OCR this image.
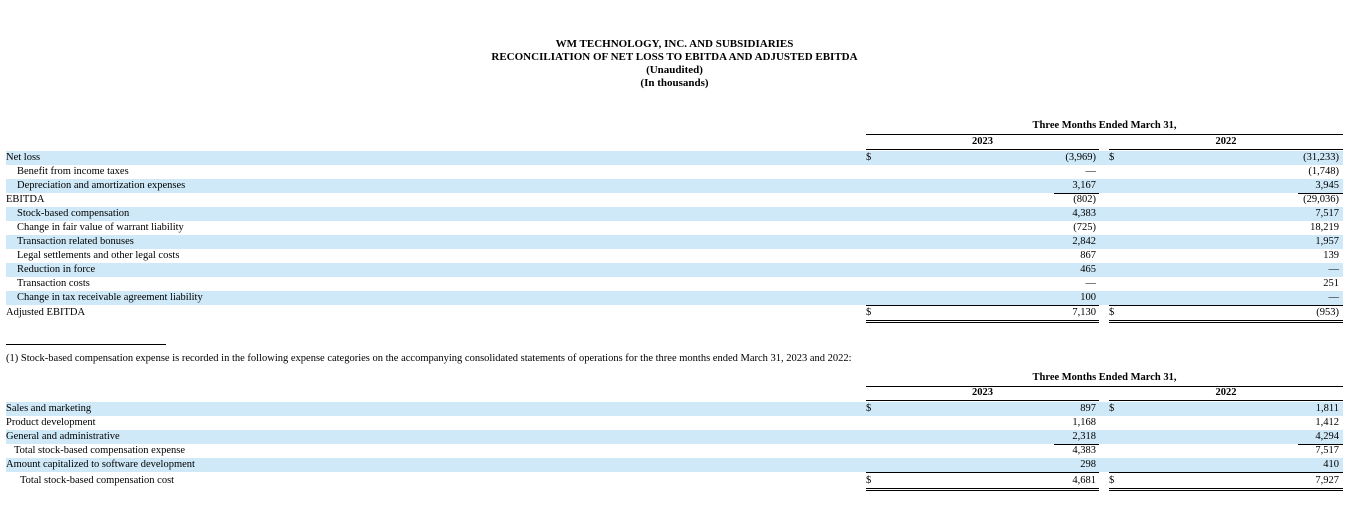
WM TECHNOLOGY, INC. AND SUBSIDIARIES
RECONCILIATION OF NET LOSS TO EBITDA AND ADJUSTED EBITDA
(Unaudited)
(In thousands)
Three Months Ended March 31,
2023	2022
Net loss	$	(3,969) $	(31,233)
Benefit from income taxes	—	(1,748)
Depreciation and amortization expenses	3,167	3,945
EBITDA	(802)	(29,036)
Stock-based compensation	4,383	7,517
Change in fair value of warrant liability	(725)	18,219
Transaction related bonuses	2,842	1,957
Legal settlements and other legal costs	867	139
Reduction in force	465	—
Transaction costs	—	251
Change in tax receivable agreement liability	100	—
Adjusted EBITDA	$	7,130 $	(953)
(1) Stock-based compensation expense is recorded in the following expense categories on the accompanying consolidated statements of operations for the three months ended March 31, 2023 and 2022:
Three Months Ended March 31,
2023	2022
Sales and marketing	$	897 $	1,811
Product development	1,168	1,412
General and administrative	2,318	4,294
Total stock-based compensation expense	4,383	7,517
Amount capitalized to software development	298	410
Total stock-based compensation cost	$	4,681 $	7,927
